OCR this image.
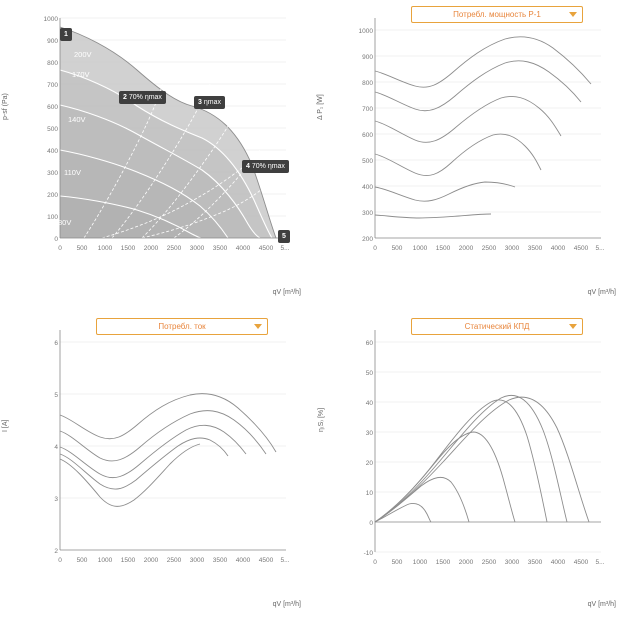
p-sf (Pa)
1000
900
800
700
600
500
400
300
200
100
0
0 500 1000 1500 2000 2500 3000 3500 4000 4500 5...
200V
170V
140V
110V
80V
1
2 70% ηmax
3 ηmax
4 70% ηmax
5
qV [m³/h]
Потребл. мощность P-1
Δ P₁ [W]
1000
900
800
700
600
500
400
300
200
0 500 1000 1500 2000 2500 3000 3500 4000 4500 5...
qV [m³/h]
Потребл. ток
I [A]
6
5
4
3
2
0 500 1000 1500 2000 2500 3000 3500 4000 4500 5...
qV [m³/h]
Статический КПД
η₍Ѕ₎ [%]
60
50
40
30
20
10
0
-10
0 500 1000 1500 2000 2500 3000 3500 4000 4500 5...
qV [m³/h]
